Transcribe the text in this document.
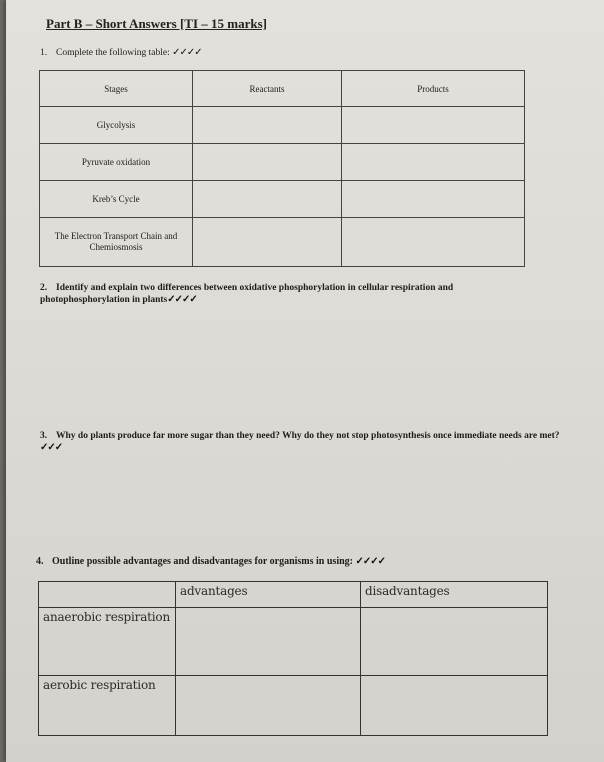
Part B – Short Answers [TI – 15 marks]
1. Complete the following table: ✓✓✓✓
Stages	Reactants	Products
Glycolysis		
Pyruvate oxidation		
Kreb’s Cycle		
The Electron Transport Chain and Chemiosmosis		
2. Identify and explain two differences between oxidative phosphorylation in cellular respiration and photophosphorylation in plants✓✓✓✓
3. Why do plants produce far more sugar than they need? Why do they not stop photosynthesis once immediate needs are met? ✓✓✓
4. Outline possible advantages and disadvantages for organisms in using: ✓✓✓✓
	advantages	disadvantages
anaerobic respiration		
aerobic respiration		
